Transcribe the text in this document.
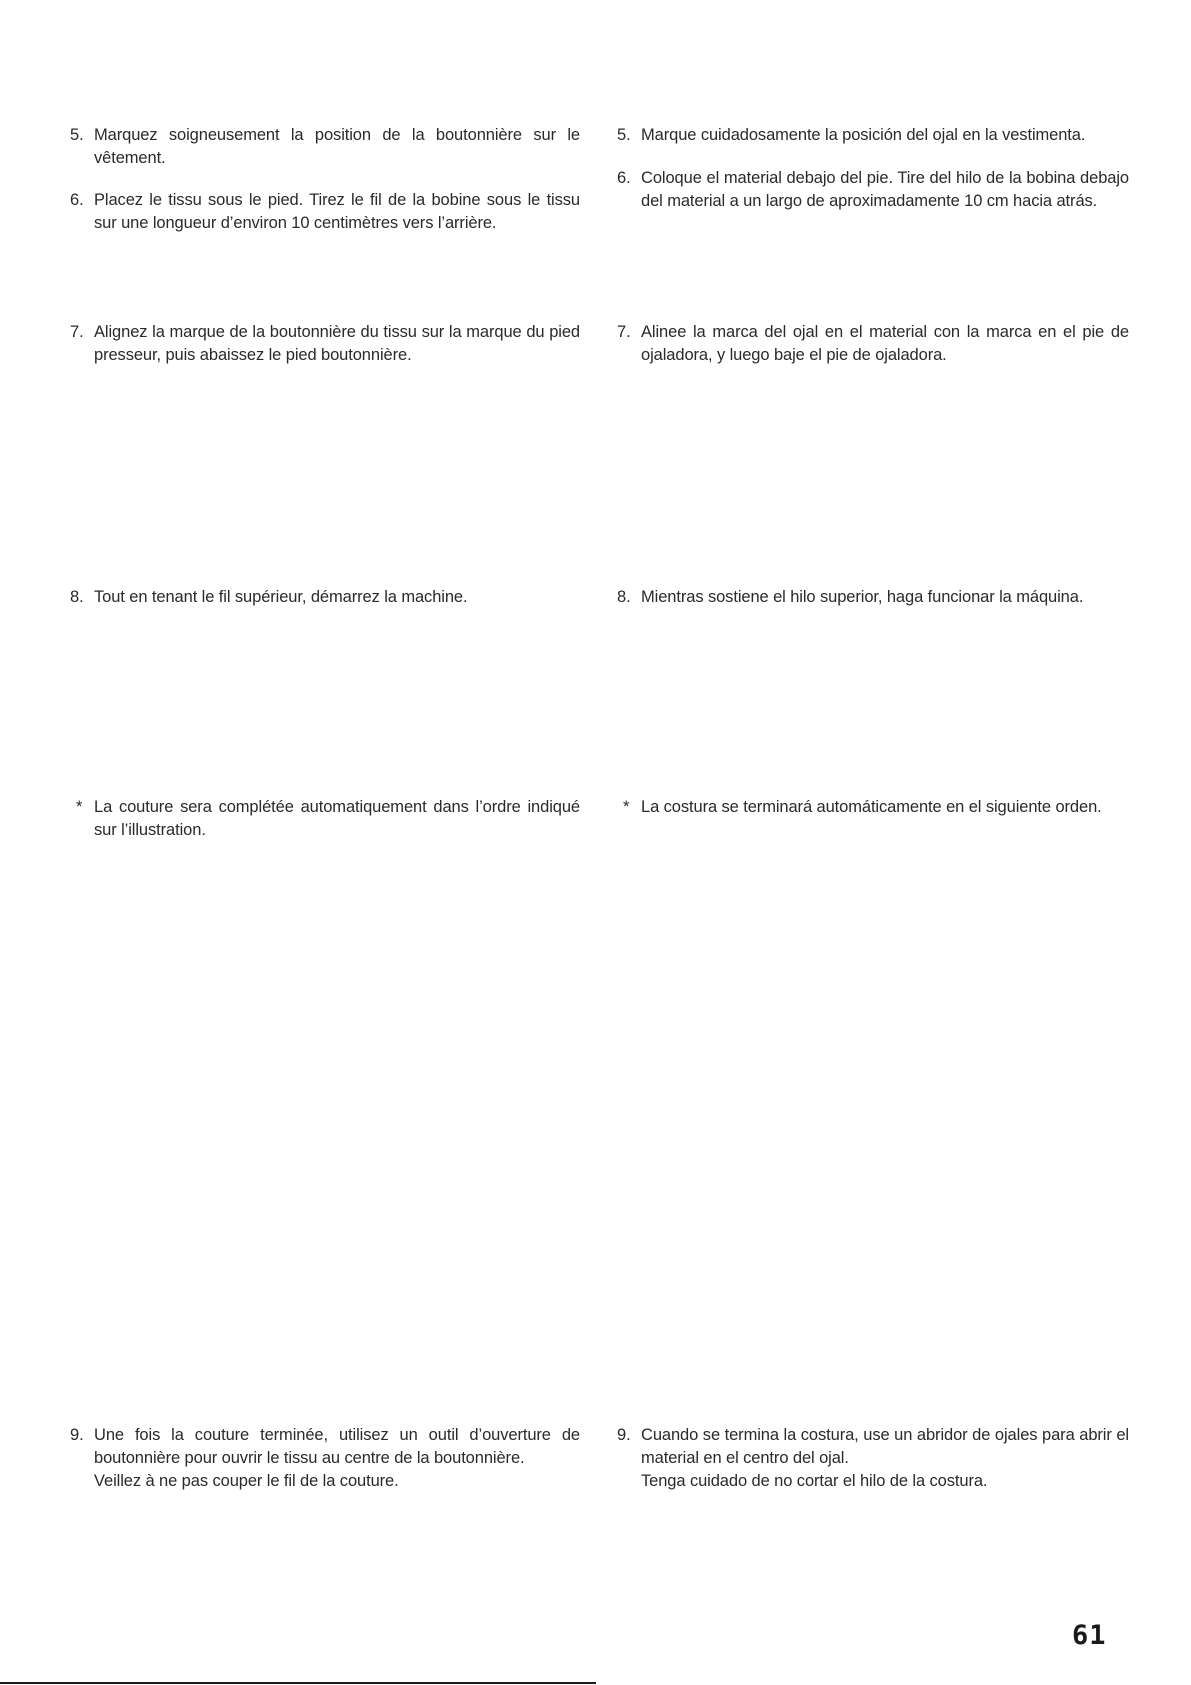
5. Marquez soigneusement la position de la boutonnière sur le vêtement.
6. Placez le tissu sous le pied. Tirez le fil de la bobine sous le tissu sur une longueur d’environ 10 centimètres vers l’arrière.
7. Alignez la marque de la boutonnière du tissu sur la marque du pied presseur, puis abaissez le pied boutonnière.
8. Tout en tenant le fil supérieur, démarrez la machine.
* La couture sera complétée automatiquement dans l’ordre indiqué sur l’illustration.
9. Une fois la couture terminée, utilisez un outil d’ouverture de boutonnière pour ouvrir le tissu au centre de la boutonnière.
Veillez à ne pas couper le fil de la couture.
5. Marque cuidadosamente la posición del ojal en la vestimenta.
6. Coloque el material debajo del pie. Tire del hilo de la bobina debajo del material a un largo de aproximadamente 10 cm hacia atrás.
7. Alinee la marca del ojal en el material con la marca en el pie de ojaladora, y luego baje el pie de ojaladora.
8. Mientras sostiene el hilo superior, haga funcionar la máquina.
* La costura se terminará automáticamente en el siguiente orden.
9. Cuando se termina la costura, use un abridor de ojales para abrir el material en el centro del ojal.
Tenga cuidado de no cortar el hilo de la costura.
61
